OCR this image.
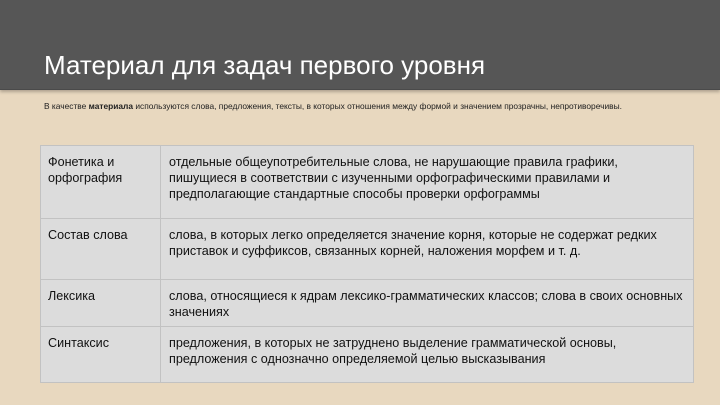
Материал для задач первого уровня
В качестве материала используются слова, предложения, тексты, в которых отношения между формой и значением прозрачны, непротиворечивы.
Фонетика и орфография	отдельные общеупотребительные слова, не нарушающие правила графики, пишущиеся в соответствии с изученными орфографическими правилами и предполагающие стандартные способы проверки орфограммы
Состав слова	слова, в которых легко определяется значение корня, которые не содержат редких приставок и суффиксов, связанных корней, наложения морфем и т. д.
Лексика	слова, относящиеся к ядрам лексико-грамматических классов; слова в своих основных значениях
Синтаксис	предложения, в которых не затруднено выделение грамматической основы, предложения с однозначно определяемой целью высказывания
